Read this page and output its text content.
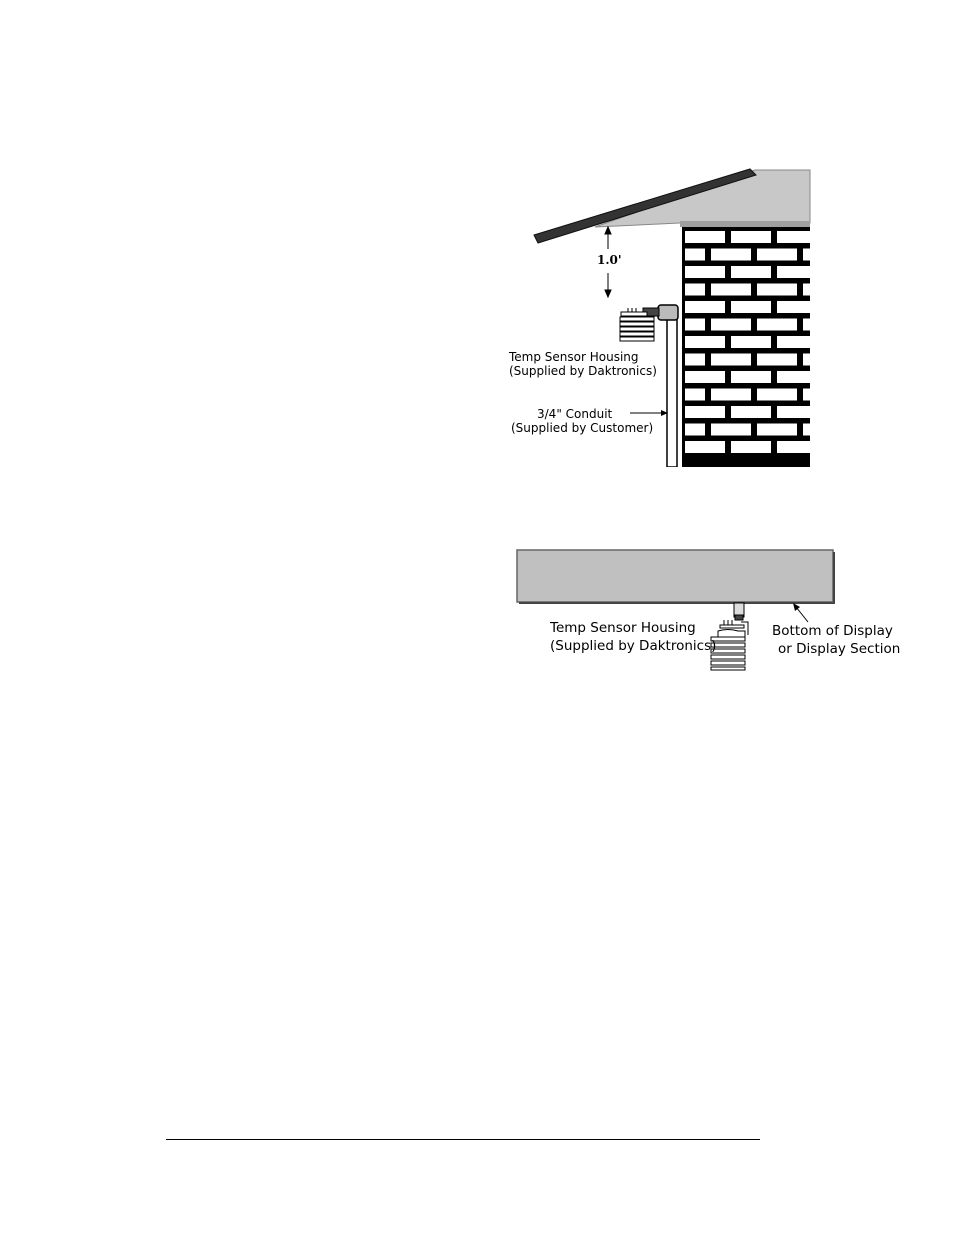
1.0'
Temp Sensor Housing
(Supplied by Daktronics)
3/4" Conduit
(Supplied by Customer)
Temp Sensor Housing
(Supplied by Daktronics)
Bottom of Display
or Display Section
